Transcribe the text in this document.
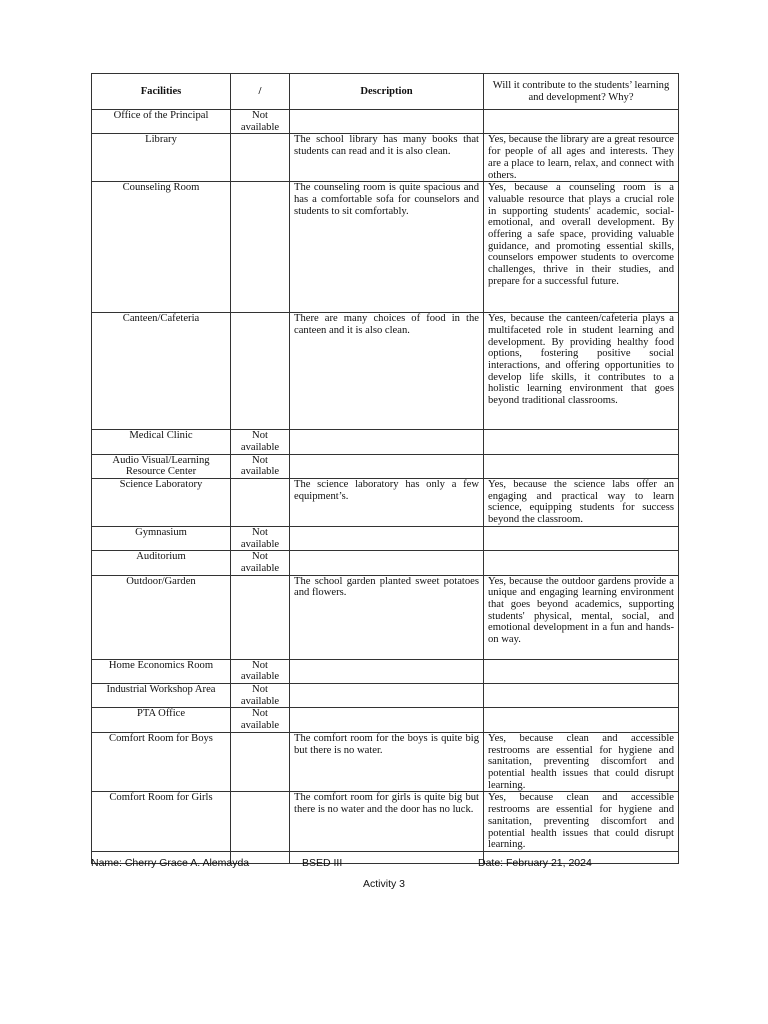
Facilities	/	Description	Will it contribute to the students’ learning and development? Why?
Office of the Principal	Not available		
Library		The school library has many books that students can read and it is also clean.	Yes, because the library are a great resource for people of all ages and interests. They are a place to learn, relax, and connect with others.
Counseling Room		The counseling room is quite spacious and has a comfortable sofa for counselors and students to sit comfortably.	Yes, because a counseling room is a valuable resource that plays a crucial role in supporting students' academic, social-emotional, and overall development. By offering a safe space, providing valuable guidance, and promoting essential skills, counselors empower students to overcome challenges, thrive in their studies, and prepare for a successful future.
Canteen/Cafeteria		There are many choices of food in the canteen and it is also clean.	Yes, because the canteen/cafeteria plays a multifaceted role in student learning and development. By providing healthy food options, fostering positive social interactions, and offering opportunities to develop life skills, it contributes to a holistic learning environment that goes beyond traditional classrooms.
Medical Clinic	Not available		
Audio Visual/Learning Resource Center	Not available		
Science Laboratory		The science laboratory has only a few equipment’s.	Yes, because the science labs offer an engaging and practical way to learn science, equipping students for success beyond the classroom.
Gymnasium	Not available		
Auditorium	Not available		
Outdoor/Garden		The school garden planted sweet potatoes and flowers.	Yes, because the outdoor gardens provide a unique and engaging learning environment that goes beyond academics, supporting students' physical, mental, social, and emotional development in a fun and hands-on way.
Home Economics Room	Not available		
Industrial Workshop Area	Not available		
PTA Office	Not available		
Comfort Room for Boys		The comfort room for the boys is quite big but there is no water.	Yes, because clean and accessible restrooms are essential for hygiene and sanitation, preventing discomfort and potential health issues that could disrupt learning.
Comfort Room for Girls		The comfort room for girls is quite big but there is no water and the door has no luck.	Yes, because clean and accessible restrooms are essential for hygiene and sanitation, preventing discomfort and potential health issues that could disrupt learning.

Name: Cherry Grace A. Alemayda	BSED III	Date: February 21, 2024
Activity 3
